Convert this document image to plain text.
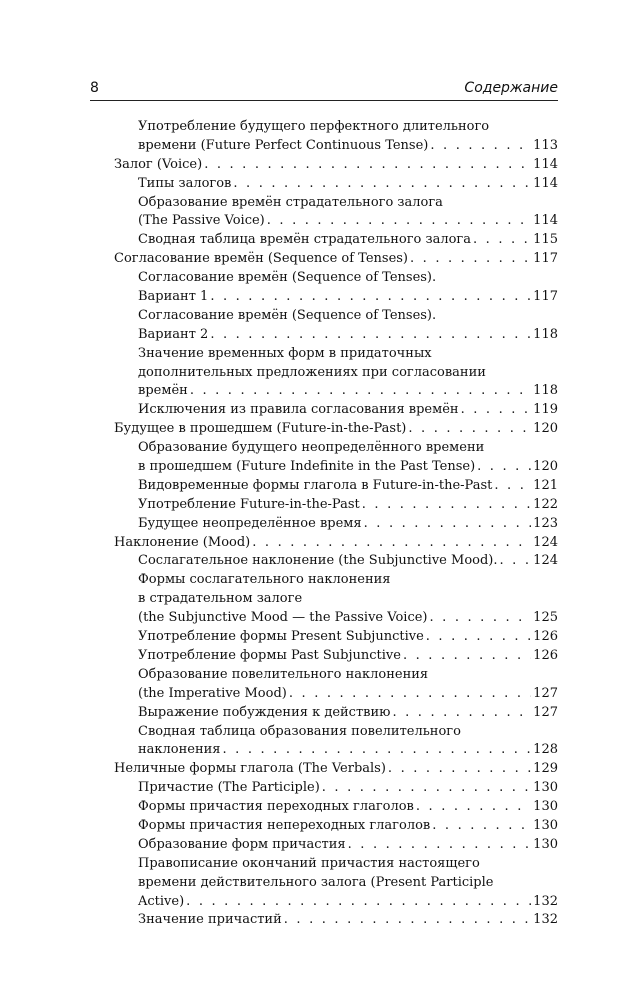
8	Содержание
Употребление будущего перфектного длительного
времени (Future Perfect Continuous Tense) . . .	113
Залог (Voice) . . .	114
Типы залогов . . .	114
Образование времён страдательного залога
(The Passive Voice) . . .	114
Сводная таблица времён страдательного залога . . .	115
Согласование времён (Sequence of Tenses) . . .	117
Согласование времён (Sequence of Tenses).
Вариант 1 . . .	117
Согласование времён (Sequence of Tenses).
Вариант 2 . . .	118
Значение временных форм в придаточных
дополнительных предложениях при согласовании
времён . . .	118
Исключения из правила согласования времён . . .	119
Будущее в прошедшем (Future-in-the-Past) . . .	120
Образование будущего неопределённого времени
в прошедшем (Future Indefinite in the Past Tense) . . .	120
Видовременные формы глагола в Future-in-the-Past . . .	121
Употребление Future-in-the-Past . . .	122
Будущее неопределённое время . . .	123
Наклонение (Mood) . . .	124
Сослагательное наклонение (the Subjunctive Mood). . . .	124
Формы сослагательного наклонения
в страдательном залоге
(the Subjunctive Mood — the Passive Voice) . . .	125
Употребление формы Present Subjunctive . . .	126
Употребление формы Past Subjunctive . . .	126
Образование повелительного наклонения
(the Imperative Mood) . . .	127
Выражение побуждения к действию . . .	127
Сводная таблица образования повелительного
наклонения . . .	128
Неличные формы глагола (The Verbals) . . .	129
Причастие (The Participle) . . .	130
Формы причастия переходных глаголов . . .	130
Формы причастия непереходных глаголов . . .	130
Образование форм причастия . . .	130
Правописание окончаний причастия настоящего
времени действительного залога (Present Participle
Active) . . .	132
Значение причастий . . .	132
